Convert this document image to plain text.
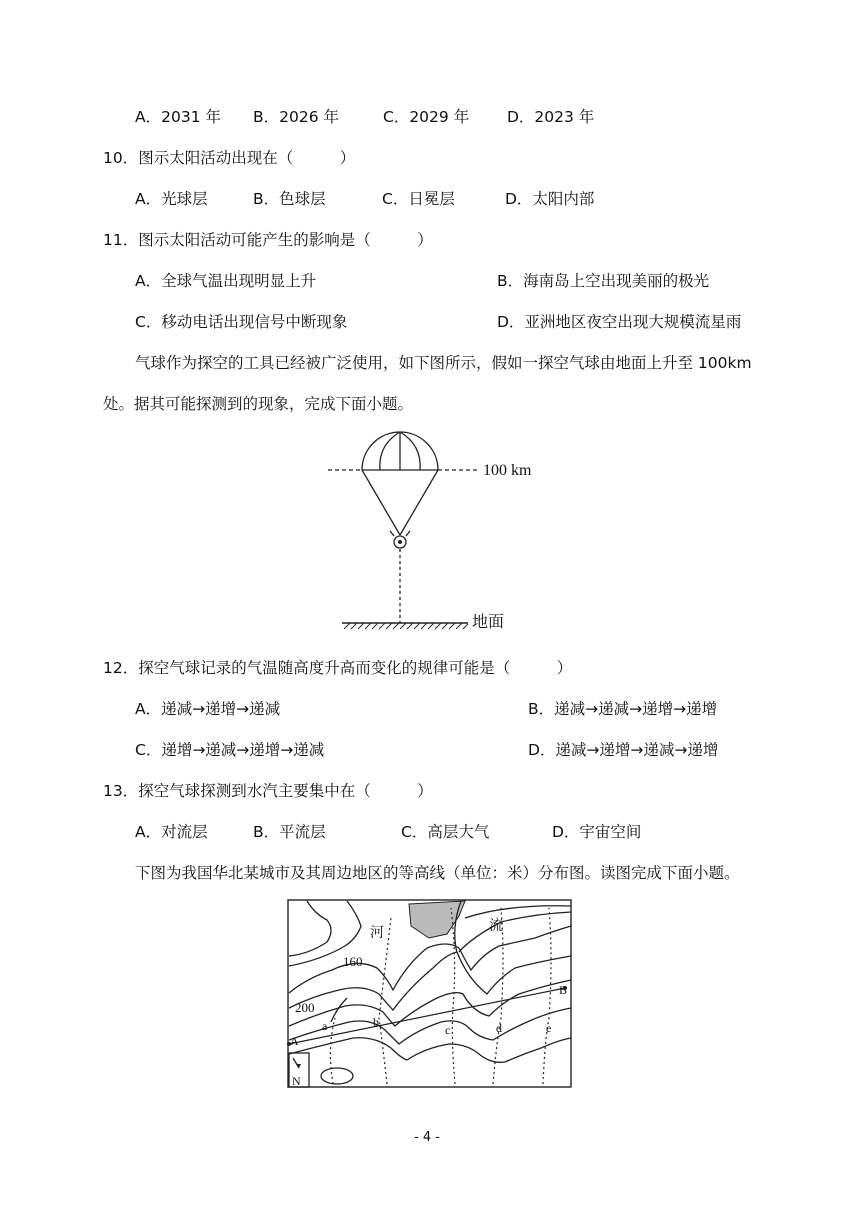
A．2031 年 B．2026 年	C．2029 年 D．2023 年
10．图示太阳活动出现在（　　　）
A．光球层	B．色球层	C．日冕层	D．太阳内部
11．图示太阳活动可能产生的影响是（　　　）
A．全球气温出现明显上升	B．海南岛上空出现美丽的极光
C．移动电话出现信号中断现象	D．亚洲地区夜空出现大规模流星雨
气球作为探空的工具已经被广泛使用，如下图所示，假如一探空气球由地面上升至 100km
处。据其可能探测到的现象，完成下面小题。
100 km
地面
12．探空气球记录的气温随高度升高而变化的规律可能是（　　　）
A．递减→递增→递减	B．递减→递减→递增→递增
C．递增→递减→递增→递减	D．递减→递增→递减→递增
13．探空气球探测到水汽主要集中在（　　　）
A．对流层	B．平流层	C．高层大气	D．宇宙空间
下图为我国华北某城市及其周边地区的等高线（单位：米）分布图。读图完成下面小题。
河	流
160
200
A
B
a	b
c	d	e
N
- 4 -
